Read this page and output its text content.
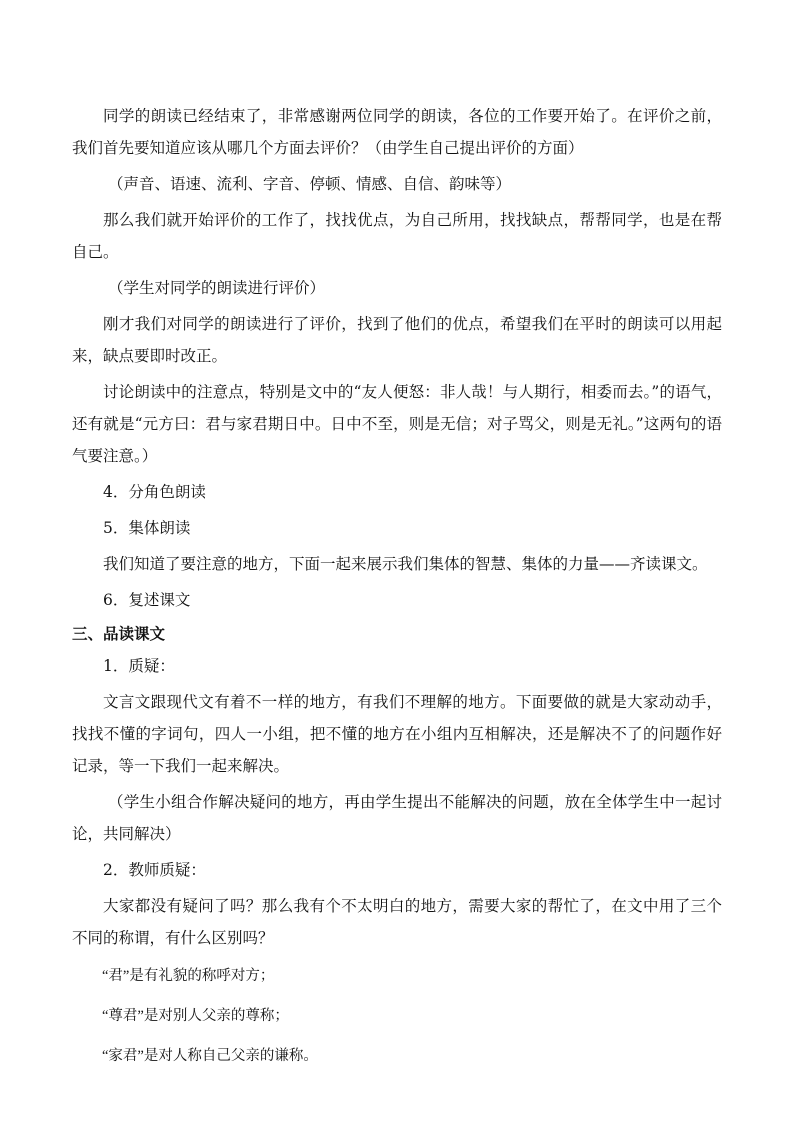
同学的朗读已经结束了，非常感谢两位同学的朗读，各位的工作要开始了。在评价之前，我们首先要知道应该从哪几个方面去评价？（由学生自己提出评价的方面）

（声音、语速、流利、字音、停顿、情感、自信、韵味等）

那么我们就开始评价的工作了，找找优点，为自己所用，找找缺点，帮帮同学，也是在帮自己。

（学生对同学的朗读进行评价）

刚才我们对同学的朗读进行了评价，找到了他们的优点，希望我们在平时的朗读可以用起来，缺点要即时改正。

讨论朗读中的注意点，特别是文中的“友人便怒：非人哉！与人期行，相委而去。”的语气，还有就是“元方曰：君与家君期日中。日中不至，则是无信；对子骂父，则是无礼。”这两句的语气要注意。）

4．分角色朗读

5．集体朗读

我们知道了要注意的地方，下面一起来展示我们集体的智慧、集体的力量——齐读课文。

6．复述课文

三、品读课文

1．质疑：

文言文跟现代文有着不一样的地方，有我们不理解的地方。下面要做的就是大家动动手，找找不懂的字词句，四人一小组，把不懂的地方在小组内互相解决，还是解决不了的问题作好记录，等一下我们一起来解决。

（学生小组合作解决疑问的地方，再由学生提出不能解决的问题，放在全体学生中一起讨论，共同解决）

2．教师质疑：

大家都没有疑问了吗？那么我有个不太明白的地方，需要大家的帮忙了，在文中用了三个不同的称谓，有什么区别吗？

“君”是有礼貌的称呼对方；

“尊君”是对别人父亲的尊称；

“家君”是对人称自己父亲的谦称。
